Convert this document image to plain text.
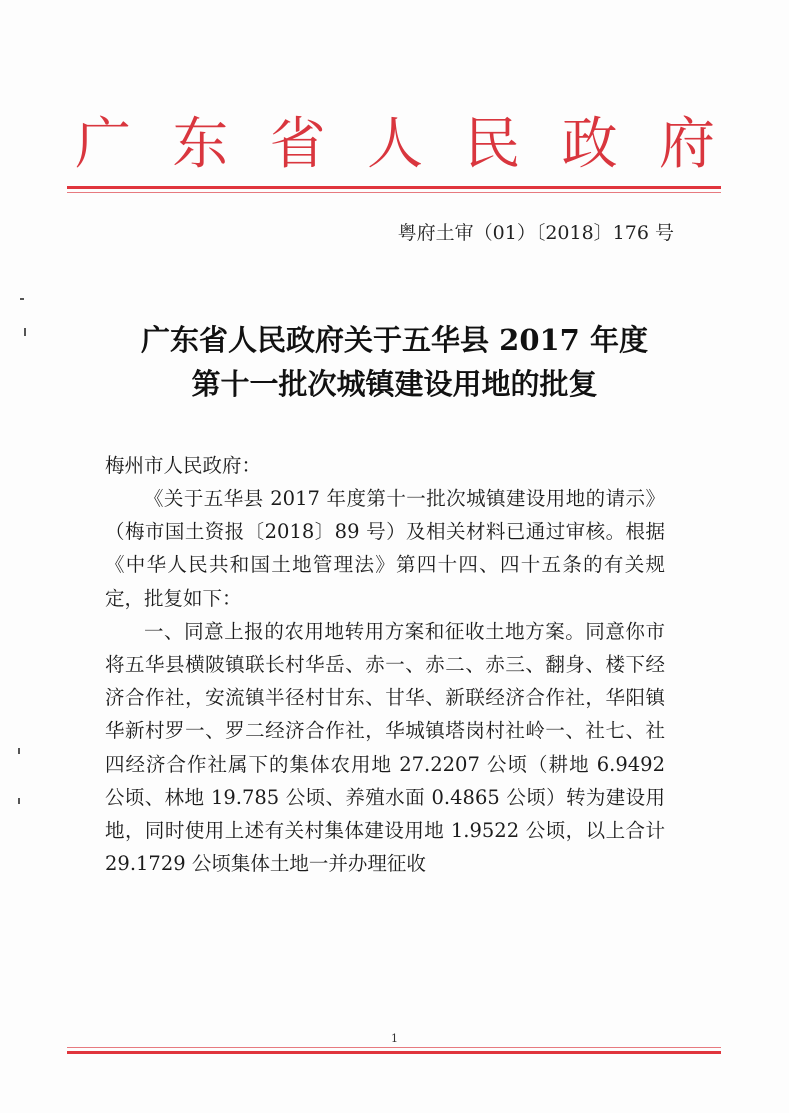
广 东 省 人 民 政 府
粤府土审（01）〔2018〕176 号
广东省人民政府关于五华县 2017 年度
第十一批次城镇建设用地的批复
梅州市人民政府：

《关于五华县 2017 年度第十一批次城镇建设用地的请示》（梅市国土资报〔2018〕89 号）及相关材料已通过审核。根据《中华人民共和国土地管理法》第四十四、四十五条的有关规定，批复如下：

一、同意上报的农用地转用方案和征收土地方案。同意你市将五华县横陂镇联长村华岳、赤一、赤二、赤三、翻身、楼下经济合作社，安流镇半径村甘东、甘华、新联经济合作社，华阳镇华新村罗一、罗二经济合作社，华城镇塔岗村社岭一、社七、社四经济合作社属下的集体农用地 27.2207 公顷（耕地 6.9492 公顷、林地 19.785 公顷、养殖水面 0.4865 公顷）转为建设用地，同时使用上述有关村集体建设用地 1.9522 公顷，以上合计 29.1729 公顷集体土地一并办理征收

1
